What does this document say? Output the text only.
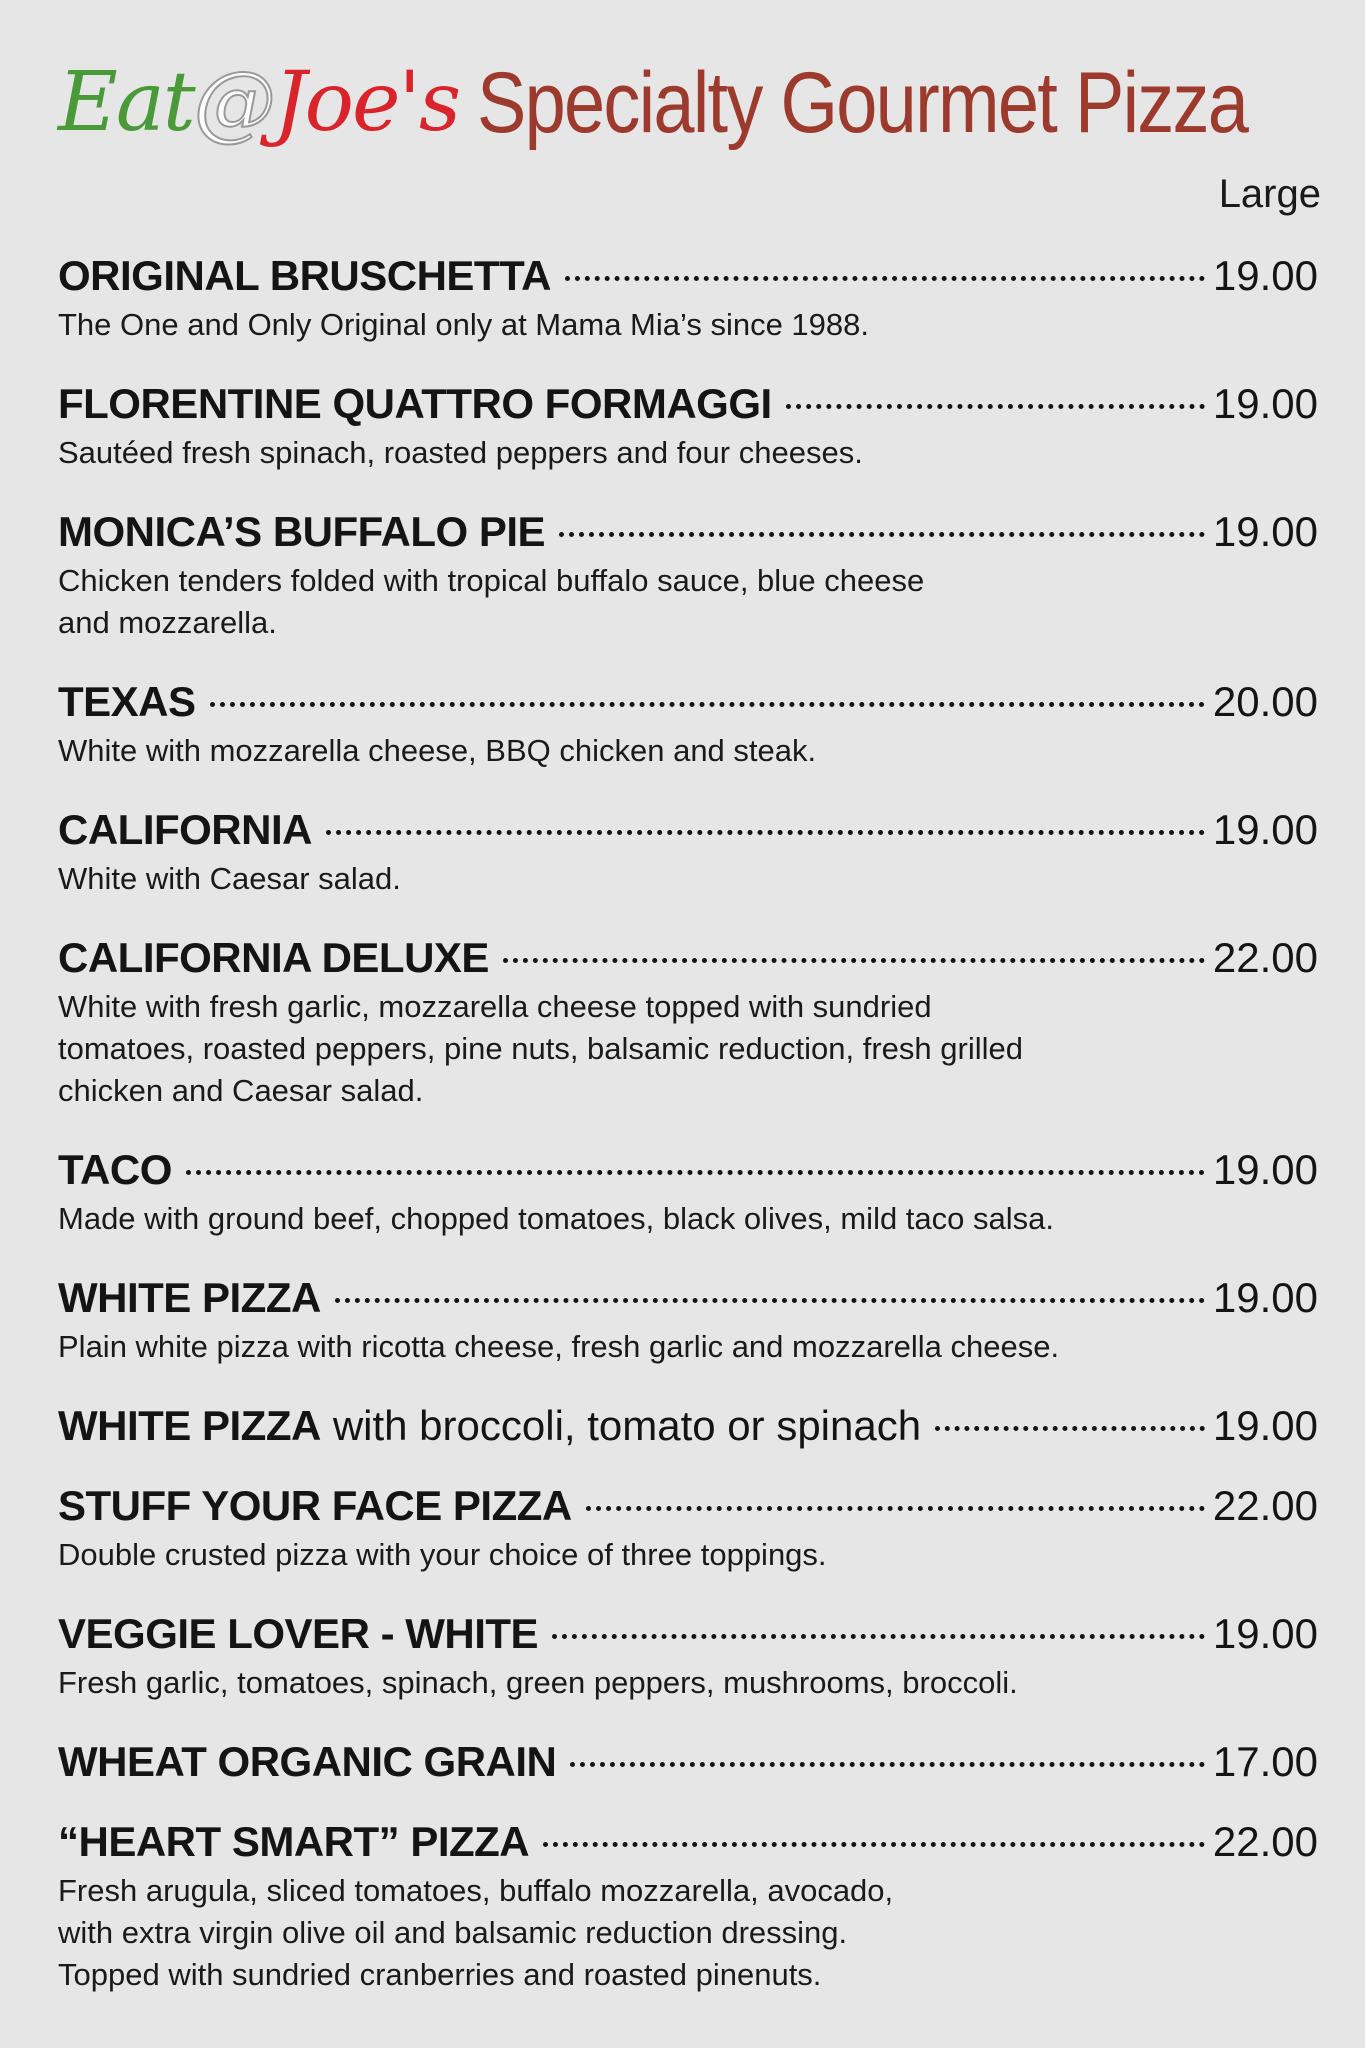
Eat@Joe's Specialty Gourmet Pizza
Large
ORIGINAL BRUSCHETTA	19.00
The One and Only Original only at Mama Mia’s since 1988.
FLORENTINE QUATTRO FORMAGGI	19.00
Sautéed fresh spinach, roasted peppers and four cheeses.
MONICA’S BUFFALO PIE	19.00
Chicken tenders folded with tropical buffalo sauce, blue cheese
and mozzarella.
TEXAS	20.00
White with mozzarella cheese, BBQ chicken and steak.
CALIFORNIA	19.00
White with Caesar salad.
CALIFORNIA DELUXE	22.00
White with fresh garlic, mozzarella cheese topped with sundried
tomatoes, roasted peppers, pine nuts, balsamic reduction, fresh grilled
chicken and Caesar salad.
TACO	19.00
Made with ground beef, chopped tomatoes, black olives, mild taco salsa.
WHITE PIZZA	19.00
Plain white pizza with ricotta cheese, fresh garlic and mozzarella cheese.
WHITE PIZZA with broccoli, tomato or spinach	19.00
STUFF YOUR FACE PIZZA	22.00
Double crusted pizza with your choice of three toppings.
VEGGIE LOVER - WHITE	19.00
Fresh garlic, tomatoes, spinach, green peppers, mushrooms, broccoli.
WHEAT ORGANIC GRAIN	17.00
“HEART SMART” PIZZA	22.00
Fresh arugula, sliced tomatoes, buffalo mozzarella, avocado,
with extra virgin olive oil and balsamic reduction dressing.
Topped with sundried cranberries and roasted pinenuts.
